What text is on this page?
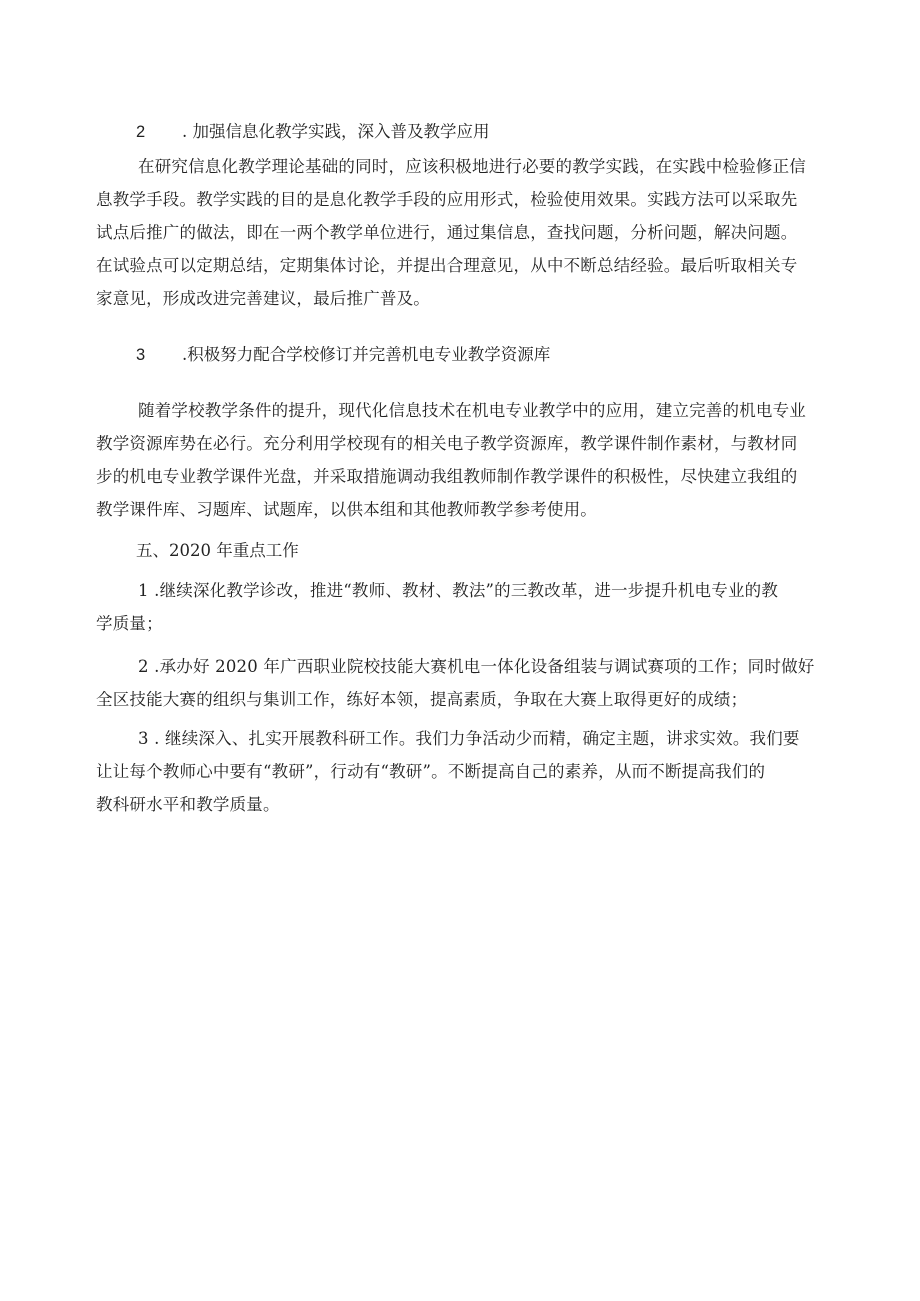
2 . 加强信息化教学实践，深入普及教学应用
在研究信息化教学理论基础的同时，应该积极地进行必要的教学实践，在实践中检验修正信
息教学手段。教学实践的目的是息化教学手段的应用形式，检验使用效果。实践方法可以采取先
试点后推广的做法，即在一两个教学单位进行，通过集信息，查找问题，分析问题，解决问题。
在试验点可以定期总结，定期集体讨论，并提出合理意见，从中不断总结经验。最后听取相关专
家意见，形成改进完善建议，最后推广普及。
3 .积极努力配合学校修订并完善机电专业教学资源库
随着学校教学条件的提升，现代化信息技术在机电专业教学中的应用，建立完善的机电专业
教学资源库势在必行。充分利用学校现有的相关电子教学资源库，教学课件制作素材，与教材同
步的机电专业教学课件光盘，并采取措施调动我组教师制作教学课件的积极性，尽快建立我组的
教学课件库、习题库、试题库，以供本组和其他教师教学参考使用。
五、2020 年重点工作
1 .继续深化教学诊改，推进“教师、教材、教法”的三教改革，进一步提升机电专业的教
学质量；
2 .承办好 2020 年广西职业院校技能大赛机电一体化设备组装与调试赛项的工作；同时做好
全区技能大赛的组织与集训工作，练好本领，提高素质，争取在大赛上取得更好的成绩；
3 . 继续深入、扎实开展教科研工作。我们力争活动少而精，确定主题，讲求实效。我们要
让让每个教师心中要有“教研”，行动有“教研”。不断提高自己的素养，从而不断提高我们的
教科研水平和教学质量。
